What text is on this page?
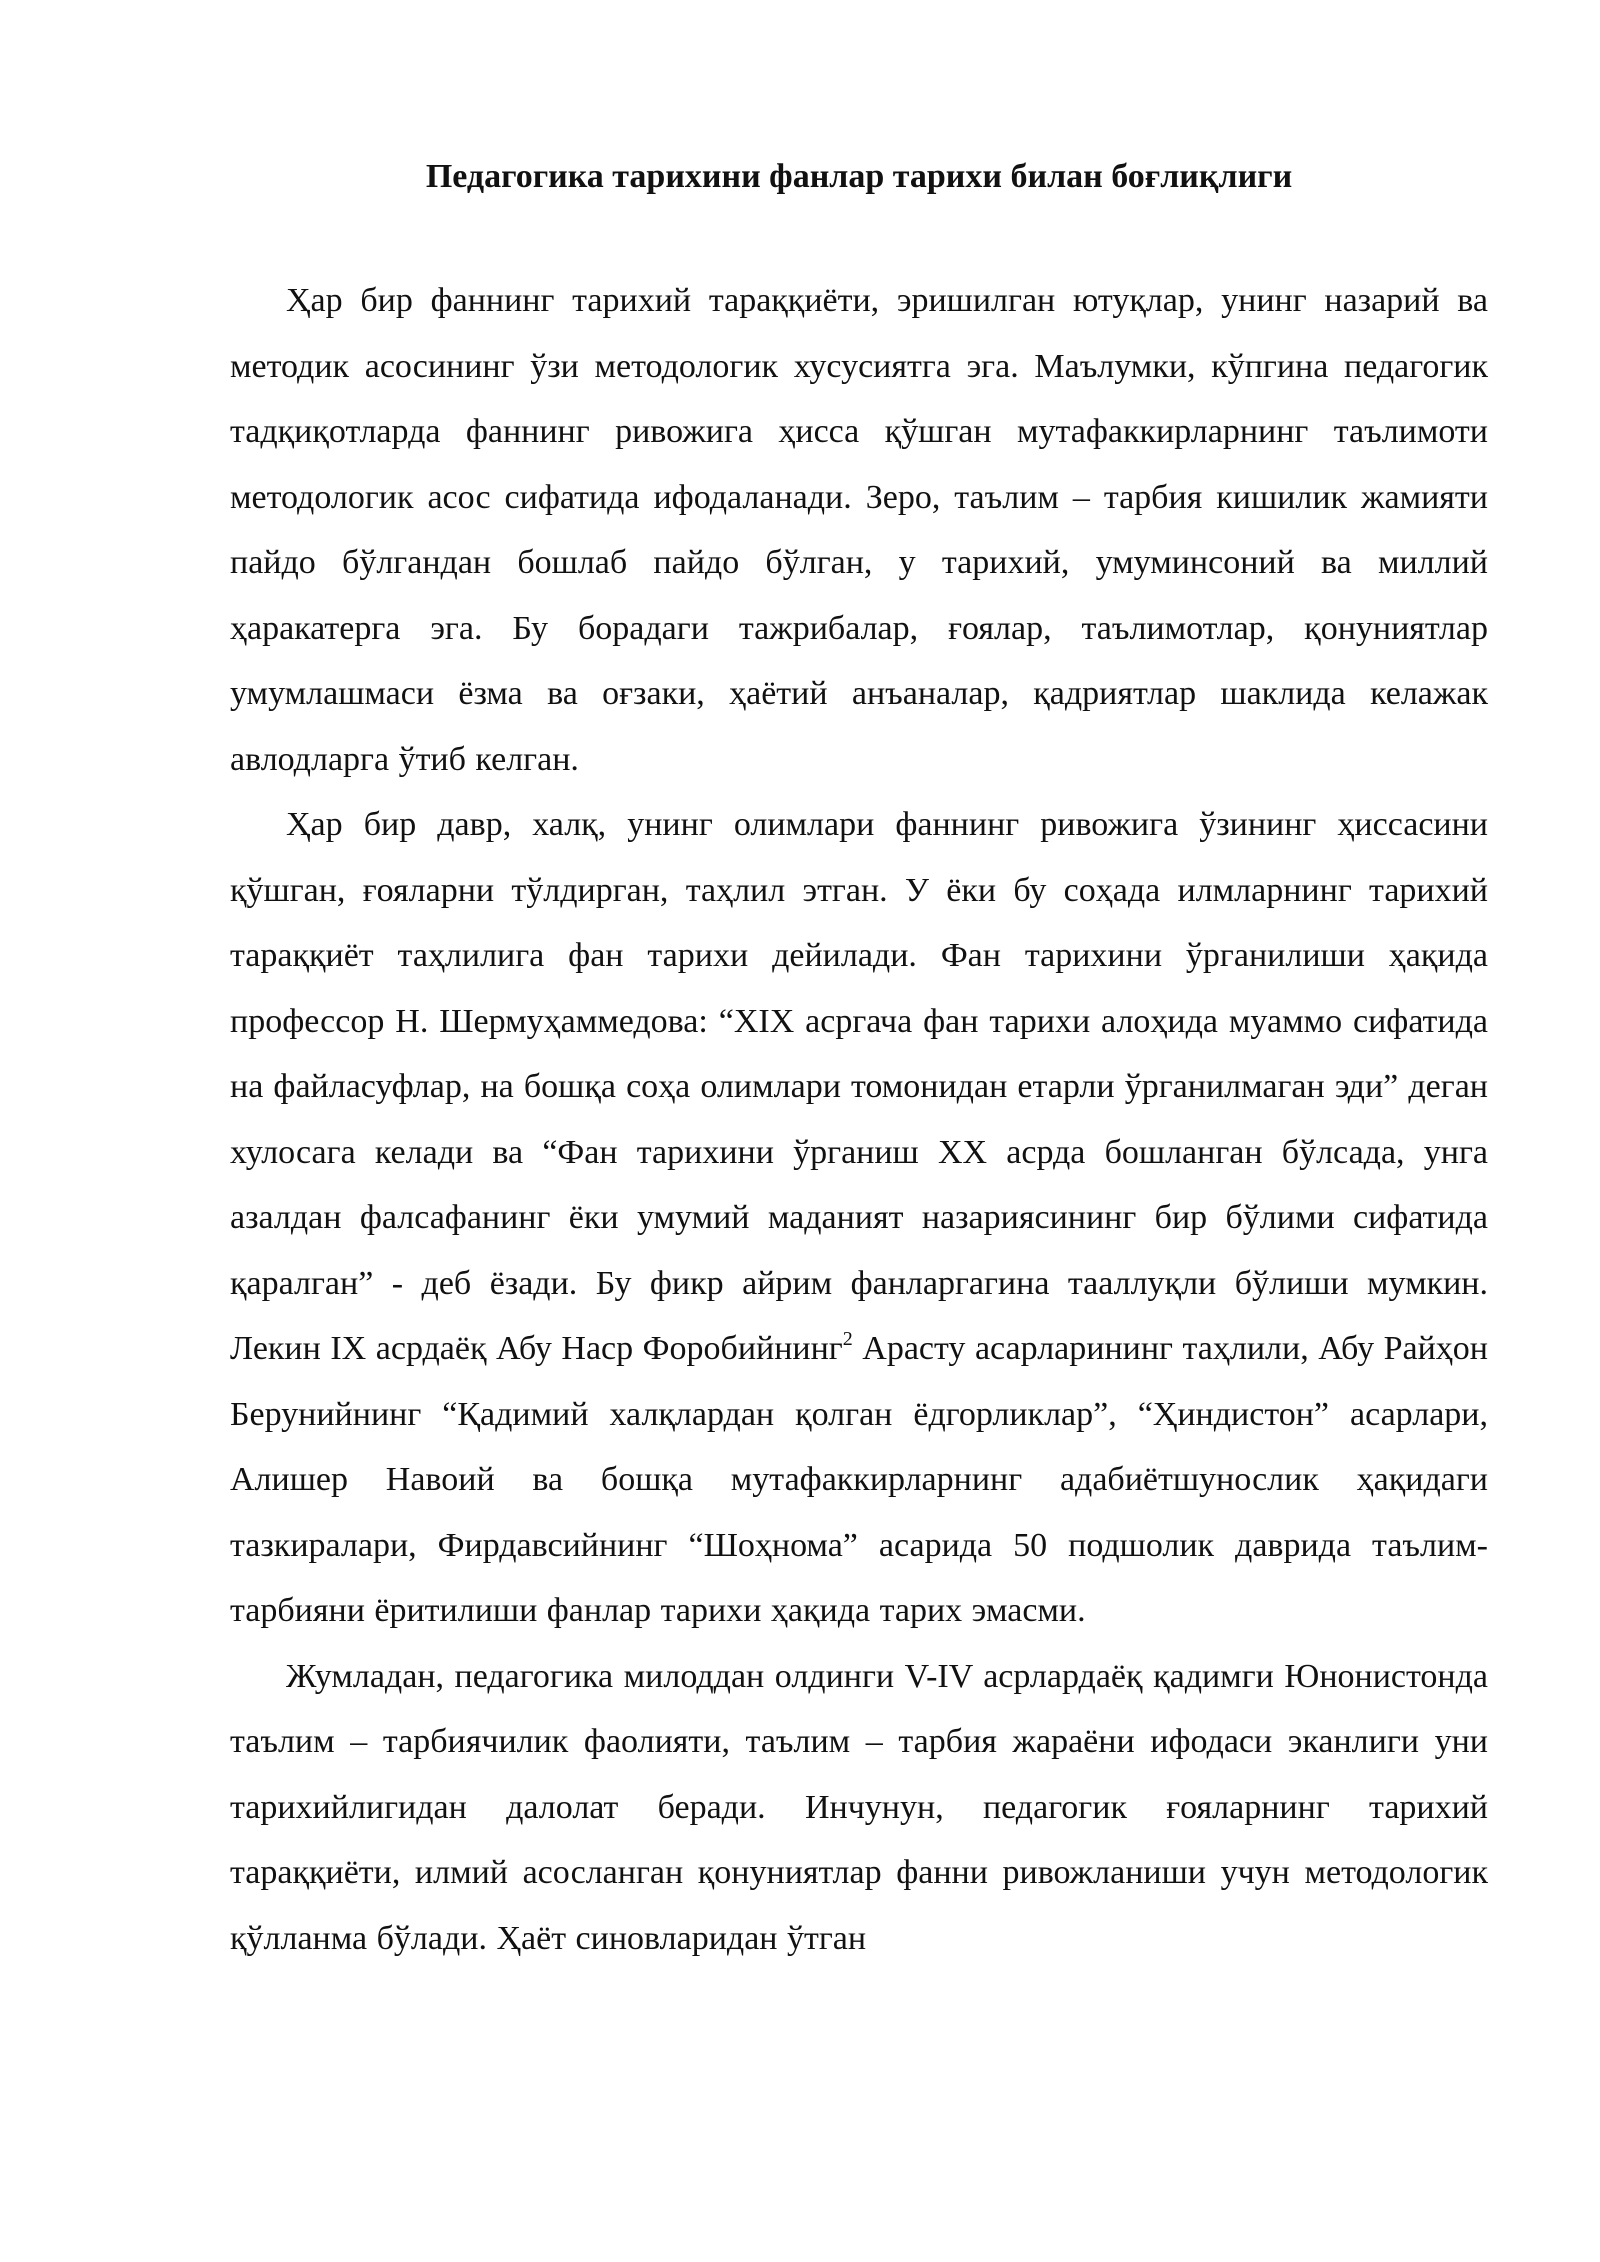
Педагогика тарихини фанлар тарихи билан боғлиқлиги

Ҳар бир фаннинг тарихий тараққиёти, эришилган ютуқлар, унинг назарий ва методик асосининг ўзи методологик хусусиятга эга. Маълумки, кўпгина педагогик тадқиқотларда фаннинг ривожига ҳисса қўшган мутафаккирларнинг таълимоти методологик асос сифатида ифодаланади. Зеро, таълим – тарбия кишилик жамияти пайдо бўлгандан бошлаб пайдо бўлган, у тарихий, умуминсоний ва миллий ҳаракатерга эга. Бу борадаги тажрибалар, ғоялар, таълимотлар, қонуниятлар умумлашмаси ёзма ва оғзаки, ҳаётий анъаналар, қадриятлар шаклида келажак авлодларга ўтиб келган.

Ҳар бир давр, халқ, унинг олимлари фаннинг ривожига ўзининг ҳиссасини қўшган, ғояларни тўлдирган, таҳлил этган. У ёки бу соҳада илмларнинг тарихий тараққиёт таҳлилига фан тарихи дейилади. Фан тарихини ўрганилиши ҳақида профессор Н. Шермуҳаммедова: “XIX асргача фан тарихи алоҳида муаммо сифатида на файласуфлар, на бошқа соҳа олимлари томонидан етарли ўрганилмаган эди” деган хулосага келади ва “Фан тарихини ўрганиш XX асрда бошланган бўлсада, унга азалдан фалсафанинг ёки умумий маданият назариясининг бир бўлими сифатида қаралган” - деб ёзади. Бу фикр айрим фанларгагина тааллуқли бўлиши мумкин. Лекин IX асрдаёқ Абу Наср Форобийнинг$^2$ Арасту асарларининг таҳлили, Абу Райҳон Берунийнинг “Қадимий халқлардан қолган ёдгорликлар”, “Ҳиндистон” асарлари, Алишер Навоий ва бошқа мутафаккирларнинг адабиётшунослик ҳақидаги тазкиралари, Фирдавсийнинг “Шоҳнома” асарида 50 подшолик даврида таълим-тарбияни ёритилиши фанлар тарихи ҳақида тарих эмасми.

Жумладан, педагогика милоддан олдинги V-IV асрлардаёқ қадимги Юнонистонда таълим – тарбиячилик фаолияти, таълим – тарбия жараёни ифодаси эканлиги уни тарихийлигидан далолат беради. Инчунун, педагогик ғояларнинг тарихий тараққиёти, илмий асосланган қонуниятлар фанни ривожланиши учун методологик қўлланма бўлади. Ҳаёт синовларидан ўтган
